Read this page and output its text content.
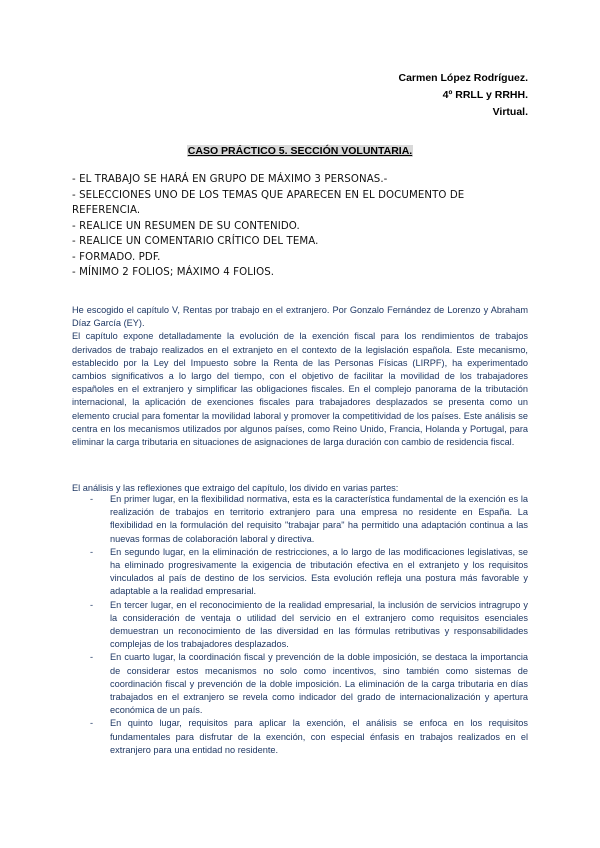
Carmen López Rodríguez.
4º RRLL y RRHH.
Virtual.
CASO PRÁCTICO 5. SECCIÓN VOLUNTARIA.
- EL TRABAJO SE HARÁ EN GRUPO DE MÁXIMO 3 PERSONAS.-
- SELECCIONES UNO DE LOS TEMAS QUE APARECEN EN EL DOCUMENTO DE
REFERENCIA.
- REALICE UN RESUMEN DE SU CONTENIDO.
- REALICE UN COMENTARIO CRÍTICO DEL TEMA.
- FORMADO. PDF.
- MÍNIMO 2 FOLIOS; MÁXIMO 4 FOLIOS.

He escogido el capítulo V, Rentas por trabajo en el extranjero. Por Gonzalo Fernández de Lorenzo y Abraham Díaz García (EY).

El capítulo expone detalladamente la evolución de la exención fiscal para los rendimientos de trabajos derivados de trabajo realizados en el extranjeto en el contexto de la legislación española. Este mecanismo, establecido por la Ley del Impuesto sobre la Renta de las Personas Físicas (LIRPF), ha experimentado cambios significativos a lo largo del tiempo, con el objetivo de facilitar la movilidad de los trabajadores españoles en el extranjero y simplificar las obligaciones fiscales. En el complejo panorama de la tributación internacional, la aplicación de exenciones fiscales para trabajadores desplazados se presenta como un elemento crucial para fomentar la movilidad laboral y promover la competitividad de los países. Este análisis se centra en los mecanismos utilizados por algunos países, como Reino Unido, Francia, Holanda y Portugal, para eliminar la carga tributaria en situaciones de asignaciones de larga duración con cambio de residencia fiscal.

El análisis y las reflexiones que extraigo del capítulo, los divido en varias partes:

- En primer lugar, en la flexibilidad normativa, esta es la característica fundamental de la exención es la realización de trabajos en territorio extranjero para una empresa no residente en España. La flexibilidad en la formulación del requisito "trabajar para" ha permitido una adaptación continua a las nuevas formas de colaboración laboral y directiva.
- En segundo lugar, en la eliminación de restricciones, a lo largo de las modificaciones legislativas, se ha eliminado progresivamente la exigencia de tributación efectiva en el extranjeto y los requisitos vinculados al país de destino de los servicios. Esta evolución refleja una postura más favorable y adaptable a la realidad empresarial.
- En tercer lugar, en el reconocimiento de la realidad empresarial, la inclusión de servicios intragrupo y la consideración de ventaja o utilidad del servicio en el extranjero como requisitos esenciales demuestran un reconocimiento de las diversidad en las fórmulas retributivas y responsabilidades complejas de los trabajadores desplazados.
- En cuarto lugar, la coordinación fiscal y prevención de la doble imposición, se destaca la importancia de considerar estos mecanismos no solo como incentivos, sino también como sistemas de coordinación fiscal y prevención de la doble imposición. La eliminación de la carga tributaria en días trabajados en el extranjero se revela como indicador del grado de internacionalización y apertura económica de un país.
- En quinto lugar, requisitos para aplicar la exención, el análisis se enfoca en los requisitos fundamentales para disfrutar de la exención, con especial énfasis en trabajos realizados en el extranjero para una entidad no residente.
